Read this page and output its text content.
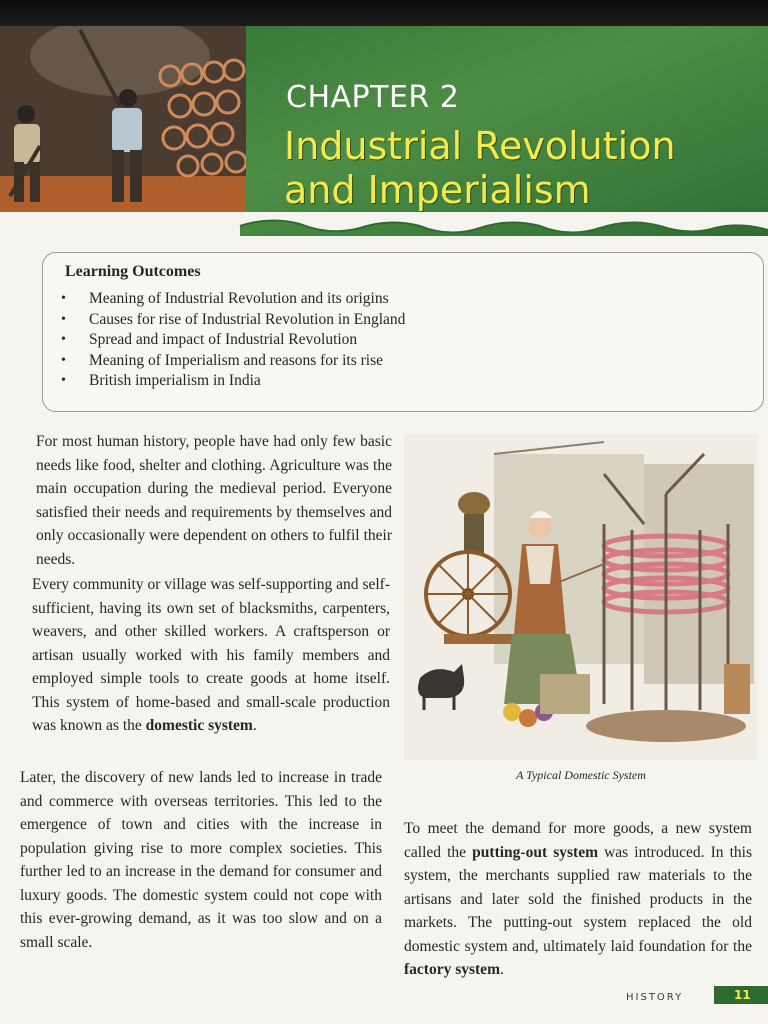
CHAPTER 2
Industrial Revolution
and Imperialism
Learning Outcomes
• Meaning of Industrial Revolution and its origins
• Causes for rise of Industrial Revolution in England
• Spread and impact of Industrial Revolution
• Meaning of Imperialism and reasons for its rise
• British imperialism in India

For most human history, people have had only few basic needs like food, shelter and clothing. Agriculture was the main occupation during the medieval period. Everyone satisfied their needs and requirements by themselves and only occasionally were dependent on others to fulfil their needs.

Every community or village was self-supporting and self-sufficient, having its own set of blacksmiths, carpenters, weavers, and other skilled workers. A craftsperson or artisan usually worked with his family members and employed simple tools to create goods at home itself. This system of home-based and small-scale production was known as the domestic system.

Later, the discovery of new lands led to increase in trade and commerce with overseas territories. This led to the emergence of town and cities with the increase in population giving rise to more complex societies. This further led to an increase in the demand for consumer and luxury goods. The domestic system could not cope with this ever-growing demand, as it was too slow and on a small scale.

A Typical Domestic System

To meet the demand for more goods, a new system called the putting-out system was introduced. In this system, the merchants supplied raw materials to the artisans and later sold the finished products in the markets. The putting-out system replaced the old domestic system and, ultimately laid foundation for the factory system.

HISTORY	11
